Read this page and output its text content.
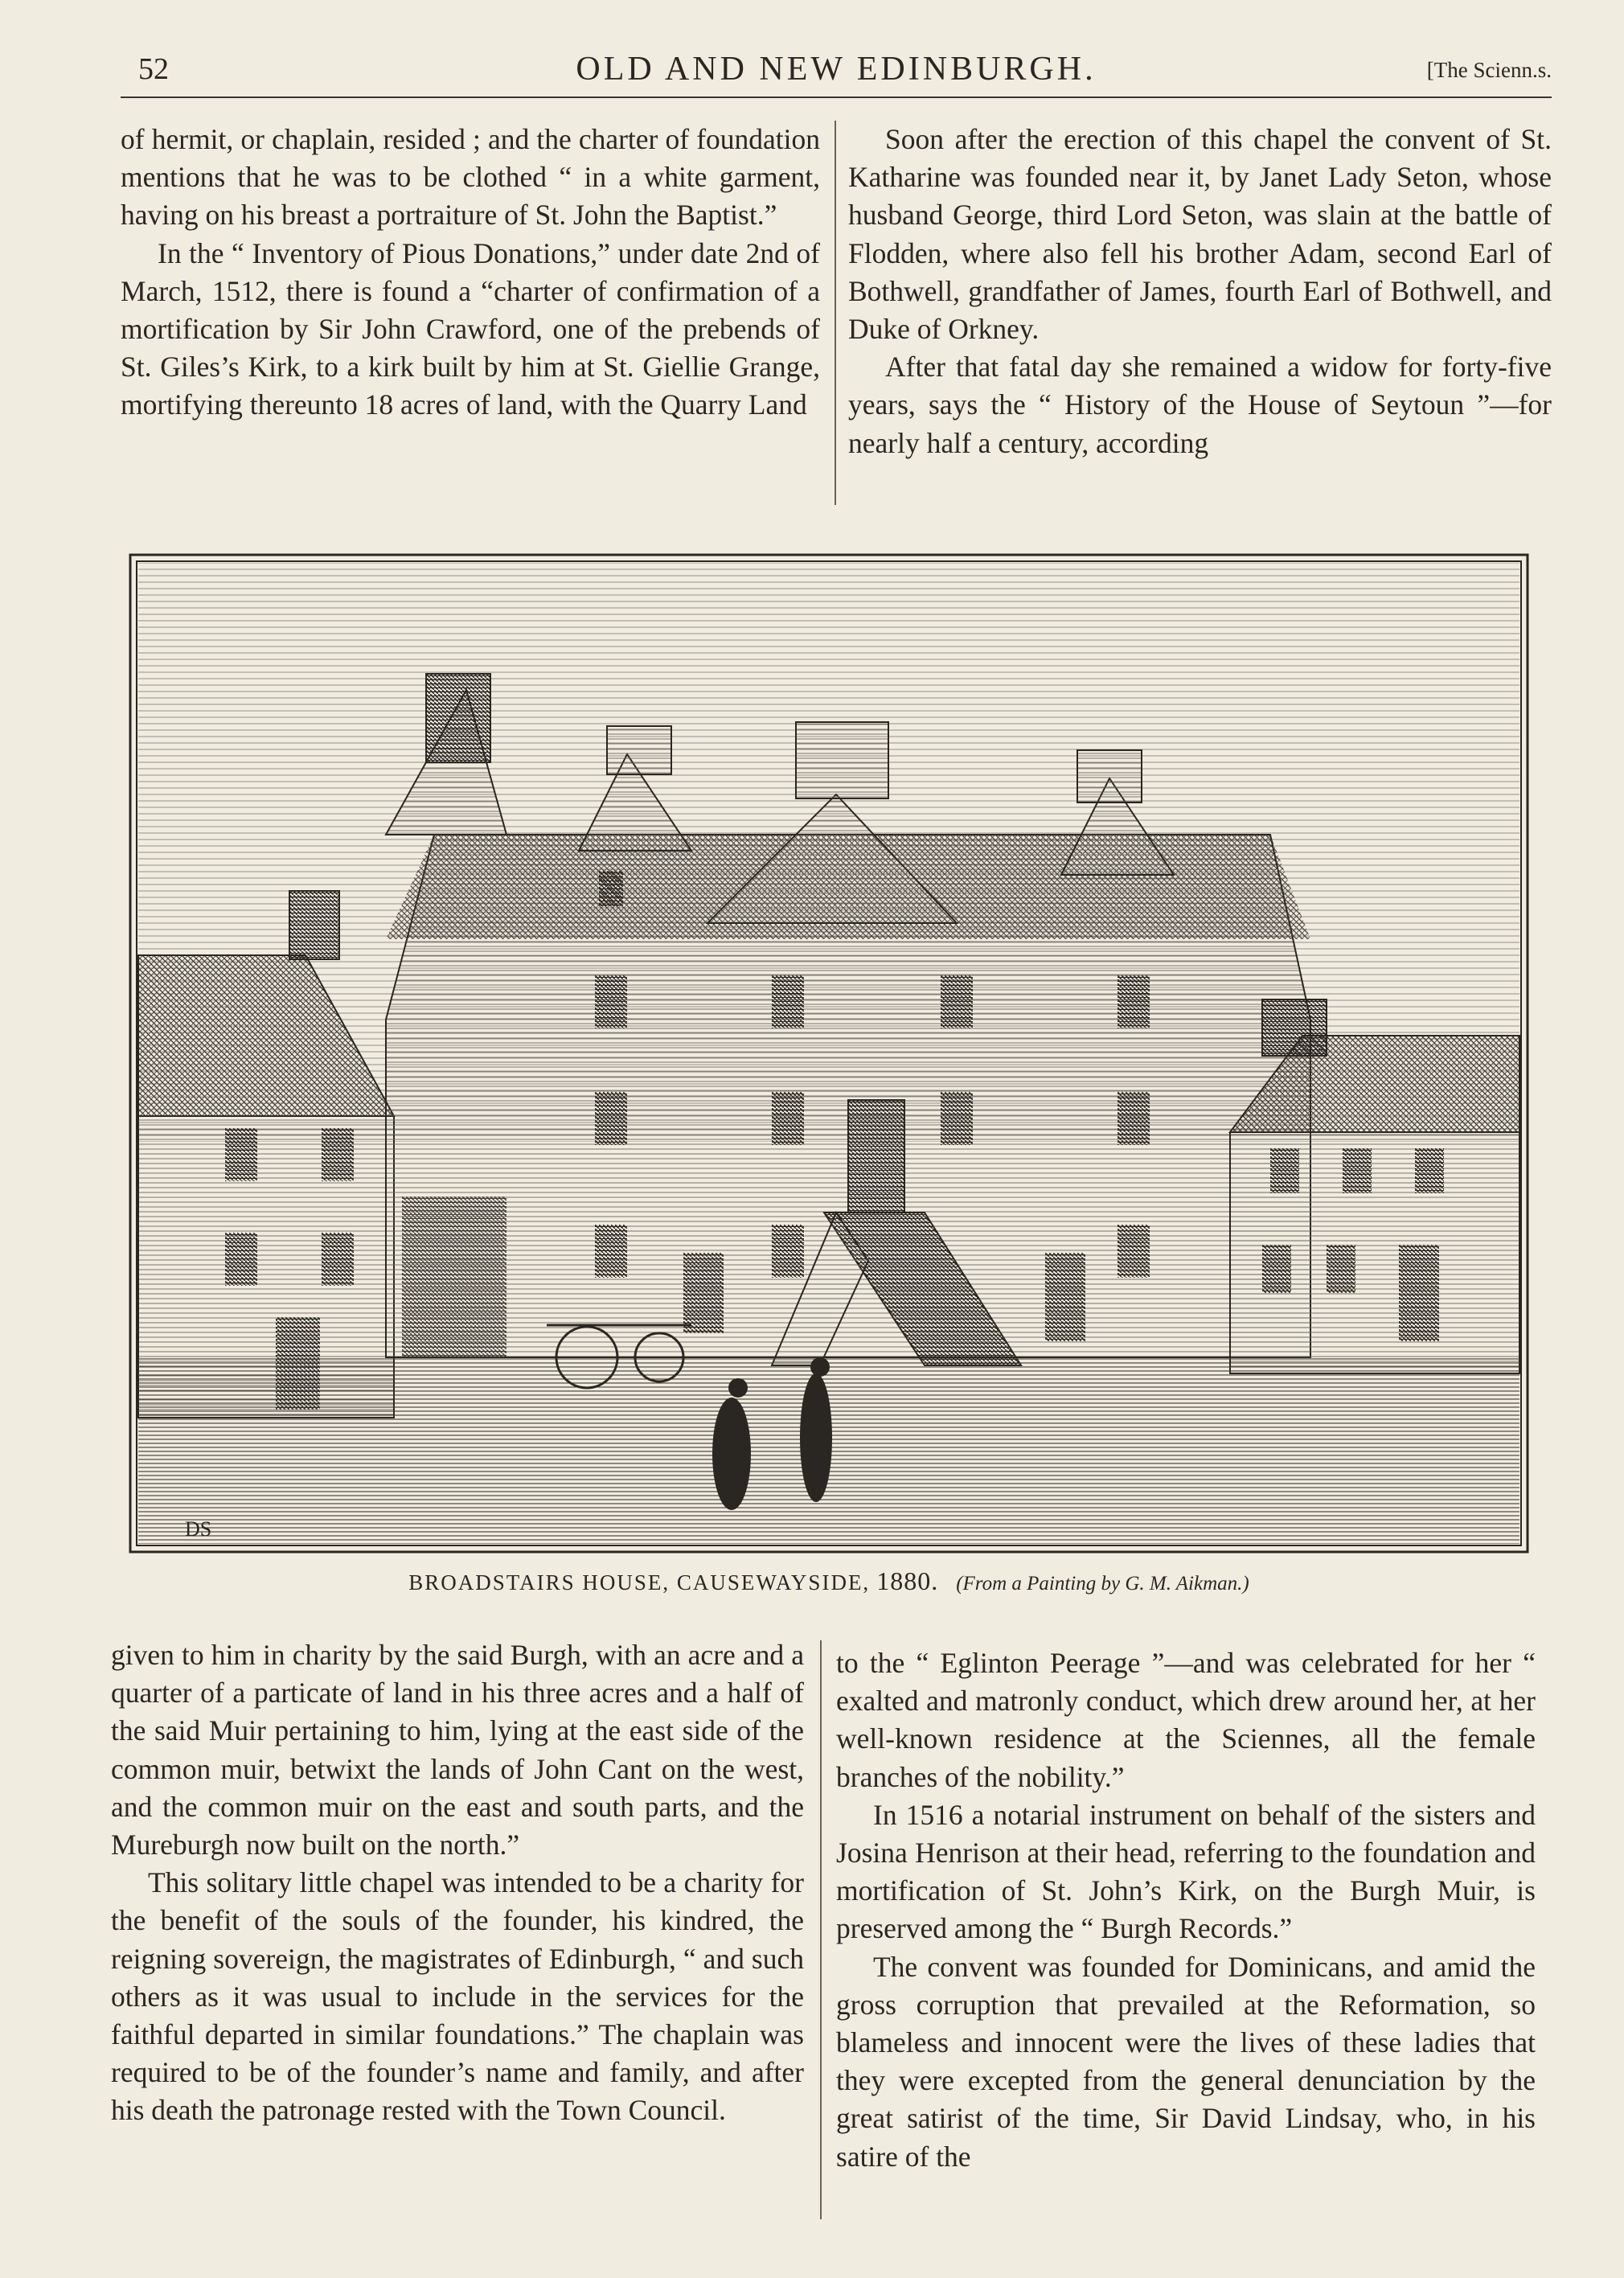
52	OLD AND NEW EDINBURGH.	[The Scienn.s.

of hermit, or chaplain, resided ; and the charter of foundation mentions that he was to be clothed “ in a white garment, having on his breast a portraiture of St. John the Baptist.”

In the “ Inventory of Pious Donations,” under date 2nd of March, 1512, there is found a “charter of confirmation of a mortification by Sir John Crawford, one of the prebends of St. Giles’s Kirk, to a kirk built by him at St. Giellie Grange, mortifying thereunto 18 acres of land, with the Quarry Land

Soon after the erection of this chapel the convent of St. Katharine was founded near it, by Janet Lady Seton, whose husband George, third Lord Seton, was slain at the battle of Flodden, where also fell his brother Adam, second Earl of Bothwell, grandfather of James, fourth Earl of Bothwell, and Duke of Orkney.

After that fatal day she remained a widow for forty-five years, says the “ History of the House of Seytoun ”—for nearly half a century, according

DS
BROADSTAIRS HOUSE, CAUSEWAYSIDE, 1880. (From a Painting by G. M. Aikman.)

given to him in charity by the said Burgh, with an acre and a quarter of a particate of land in his three acres and a half of the said Muir pertaining to him, lying at the east side of the common muir, betwixt the lands of John Cant on the west, and the common muir on the east and south parts, and the Mureburgh now built on the north.”

This solitary little chapel was intended to be a charity for the benefit of the souls of the founder, his kindred, the reigning sovereign, the magistrates of Edinburgh, “ and such others as it was usual to include in the services for the faithful departed in similar foundations.” The chaplain was required to be of the founder’s name and family, and after his death the patronage rested with the Town Council.

to the “ Eglinton Peerage ”—and was celebrated for her “ exalted and matronly conduct, which drew around her, at her well-known residence at the Sciennes, all the female branches of the nobility.”

In 1516 a notarial instrument on behalf of the sisters and Josina Henrison at their head, referring to the foundation and mortification of St. John’s Kirk, on the Burgh Muir, is preserved among the “ Burgh Records.”

The convent was founded for Dominicans, and amid the gross corruption that prevailed at the Reformation, so blameless and innocent were the lives of these ladies that they were excepted from the general denunciation by the great satirist of the time, Sir David Lindsay, who, in his satire of the
